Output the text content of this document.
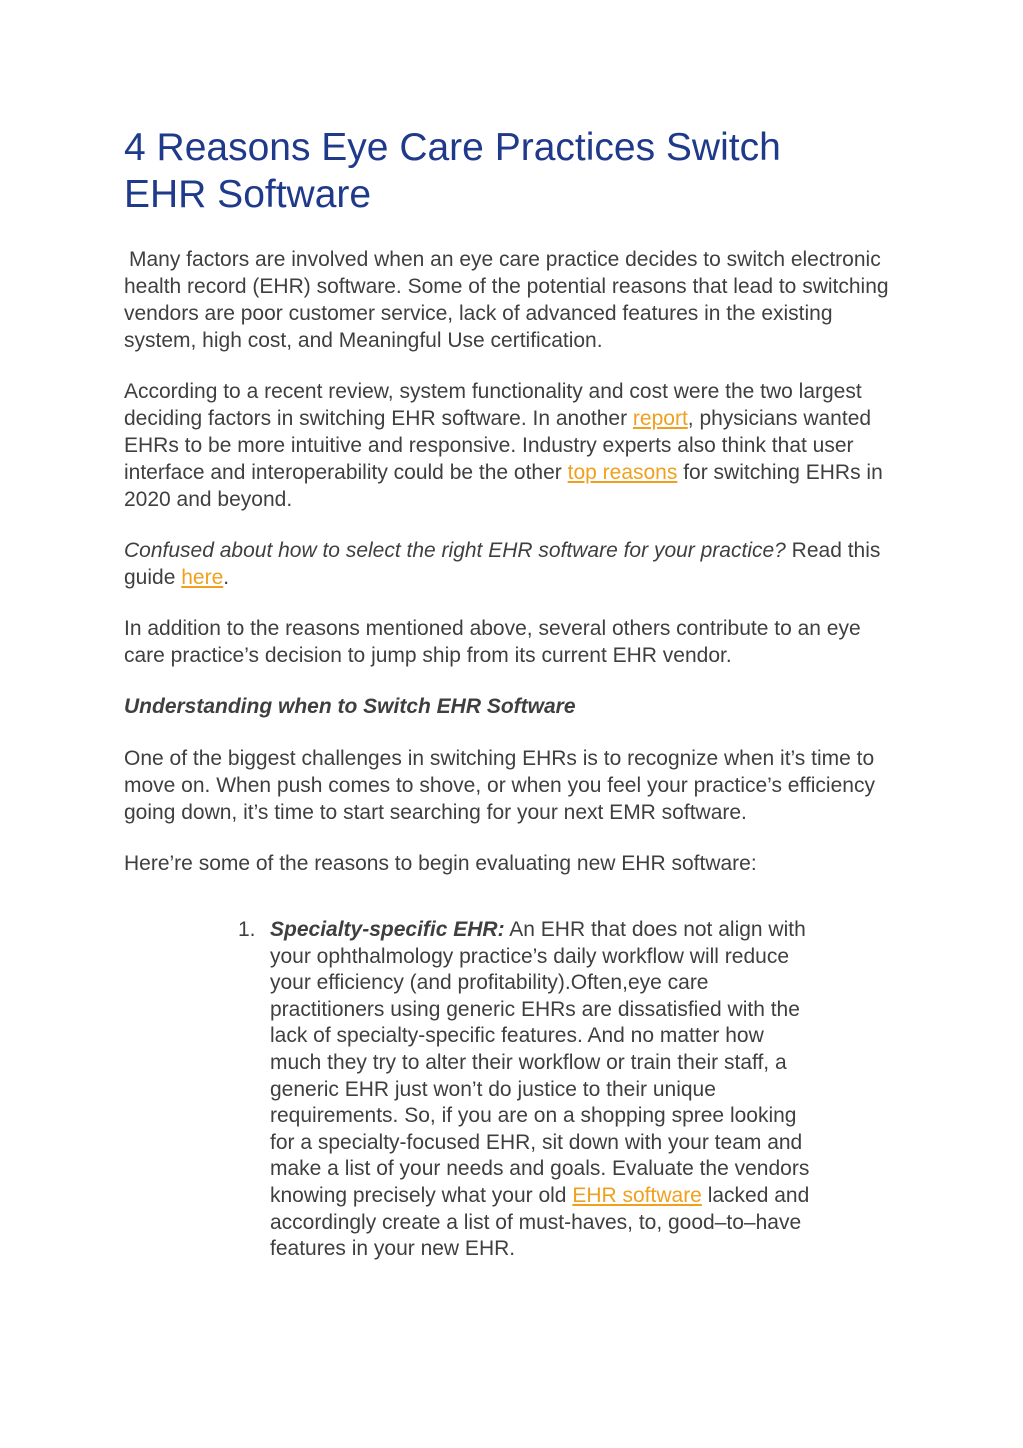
4 Reasons Eye Care Practices Switch
EHR Software

Many factors are involved when an eye care practice decides to switch electronic health record (EHR) software. Some of the potential reasons that lead to switching vendors are poor customer service, lack of advanced features in the existing system, high cost, and Meaningful Use certification.

According to a recent review, system functionality and cost were the two largest deciding factors in switching EHR software. In another report, physicians wanted EHRs to be more intuitive and responsive. Industry experts also think that user interface and interoperability could be the other top reasons for switching EHRs in 2020 and beyond.

Confused about how to select the right EHR software for your practice? Read this guide here.

In addition to the reasons mentioned above, several others contribute to an eye care practice’s decision to jump ship from its current EHR vendor.

Understanding when to Switch EHR Software

One of the biggest challenges in switching EHRs is to recognize when it’s time to move on. When push comes to shove, or when you feel your practice’s efficiency going down, it’s time to start searching for your next EMR software.

Here’re some of the reasons to begin evaluating new EHR software:

1. Specialty-specific EHR: An EHR that does not align with your ophthalmology practice’s daily workflow will reduce your efficiency (and profitability).Often,eye care practitioners using generic EHRs are dissatisfied with the lack of specialty-specific features. And no matter how much they try to alter their workflow or train their staff, a generic EHR just won’t do justice to their unique requirements. So, if you are on a shopping spree looking for a specialty-focused EHR, sit down with your team and make a list of your needs and goals. Evaluate the vendors knowing precisely what your old EHR software lacked and accordingly create a list of must-haves, to, good–to–have features in your new EHR.
